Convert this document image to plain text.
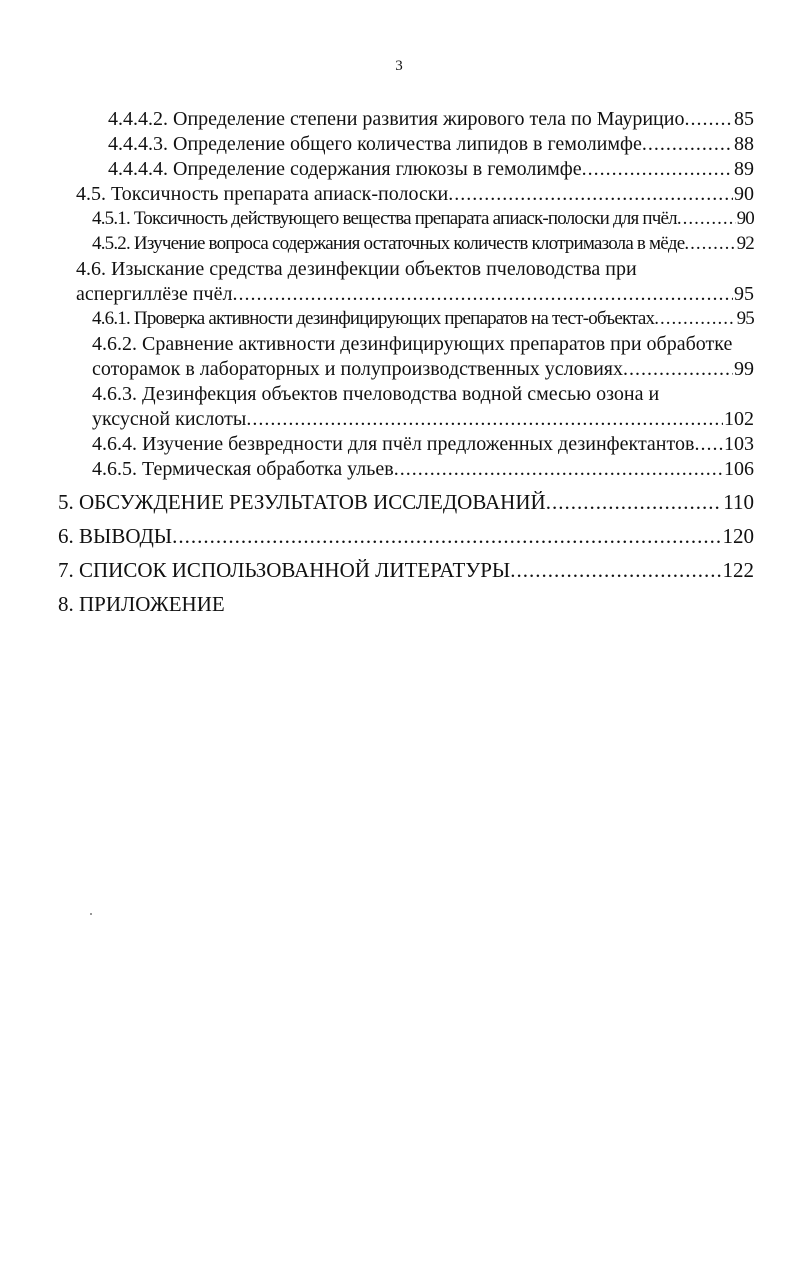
3
4.4.4.2. Определение степени развития жирового тела по Маурицио ..... 85
4.4.4.3. Определение общего количества липидов в гемолимфе .....	88
4.4.4.4. Определение содержания глюкозы в гемолимфе .....	89
4.5. Токсичность препарата апиаск-полоски .....	90
4.5.1. Токсичность действующего вещества препарата апиаск-полоски для пчёл .....	90
4.5.2. Изучение вопроса содержания остаточных количеств клотримазола в мёде .....	92
4.6. Изыскание средства дезинфекции объектов пчеловодства при
аспергиллёзе пчёл .....	95
4.6.1. Проверка активности дезинфицирующих препаратов на тест-объектах .....	95
4.6.2. Сравнение активности дезинфицирующих препаратов при обработке
соторамок в лабораторных и полупроизводственных условиях .....	99
4.6.3. Дезинфекция объектов пчеловодства водной смесью озона и
уксусной кислоты .....	102
4.6.4. Изучение безвредности для пчёл предложенных дезинфектантов ..... 103
4.6.5. Термическая обработка ульев .....	106
5. ОБСУЖДЕНИЕ РЕЗУЛЬТАТОВ ИССЛЕДОВАНИЙ .....	110
6. ВЫВОДЫ .....	120
7. СПИСОК ИСПОЛЬЗОВАННОЙ ЛИТЕРАТУРЫ .....	122
8. ПРИЛОЖЕНИЕ
